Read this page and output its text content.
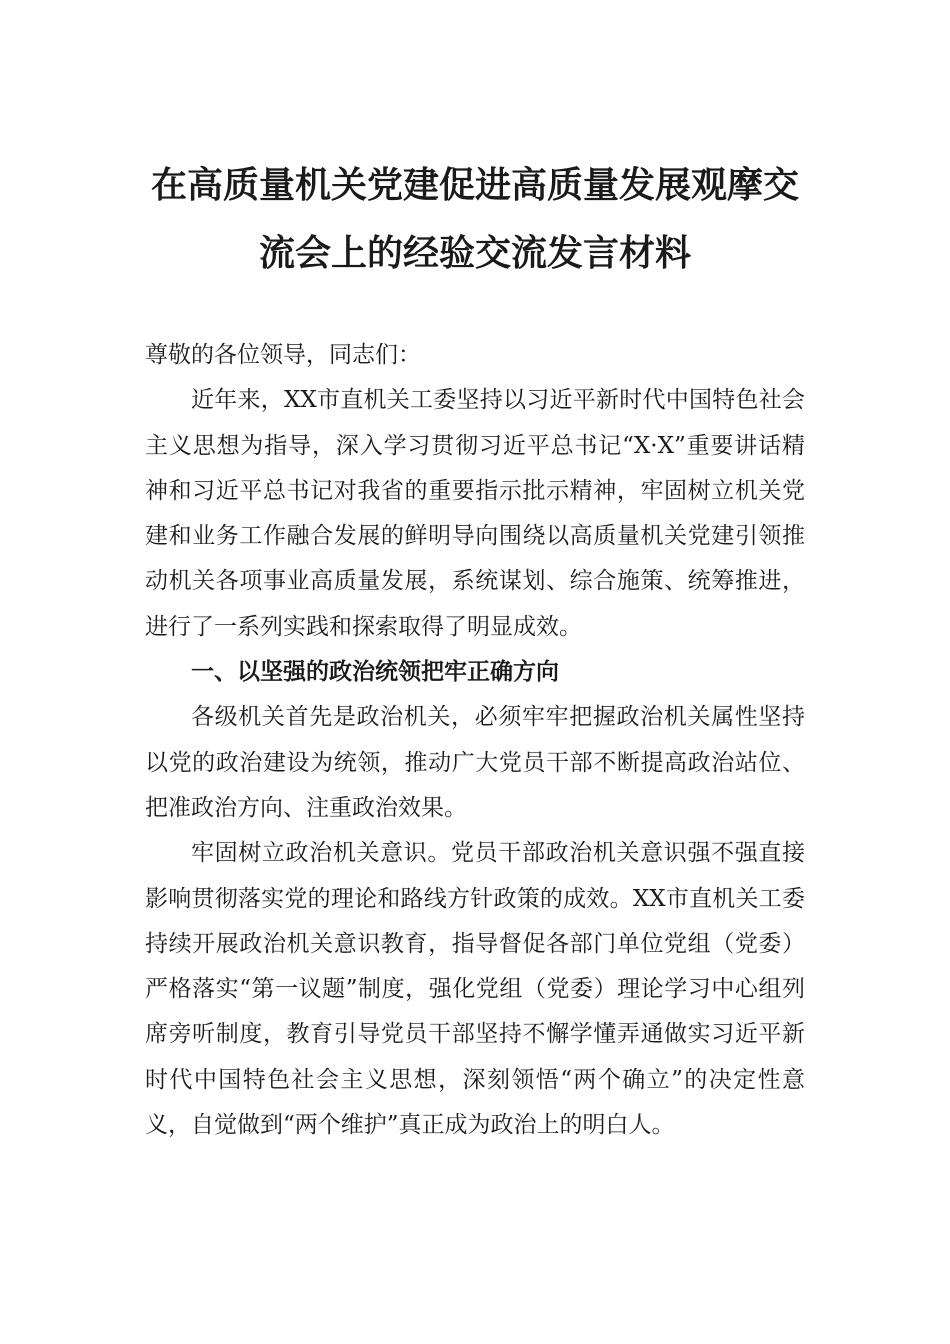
在高质量机关党建促进高质量发展观摩交
流会上的经验交流发言材料

尊敬的各位领导，同志们：

近年来，XX市直机关工委坚持以习近平新时代中国特色社会主义思想为指导，深入学习贯彻习近平总书记“X·X”重要讲话精神和习近平总书记对我省的重要指示批示精神，牢固树立机关党建和业务工作融合发展的鲜明导向围绕以高质量机关党建引领推动机关各项事业高质量发展，系统谋划、综合施策、统筹推进，进行了一系列实践和探索取得了明显成效。

一、以坚强的政治统领把牢正确方向

各级机关首先是政治机关，必须牢牢把握政治机关属性坚持以党的政治建设为统领，推动广大党员干部不断提高政治站位、把准政治方向、注重政治效果。

牢固树立政治机关意识。党员干部政治机关意识强不强直接影响贯彻落实党的理论和路线方针政策的成效。XX市直机关工委持续开展政治机关意识教育，指导督促各部门单位党组（党委）严格落实“第一议题”制度，强化党组（党委）理论学习中心组列席旁听制度，教育引导党员干部坚持不懈学懂弄通做实习近平新时代中国特色社会主义思想，深刻领悟“两个确立”的决定性意义，自觉做到“两个维护”真正成为政治上的明白人。
